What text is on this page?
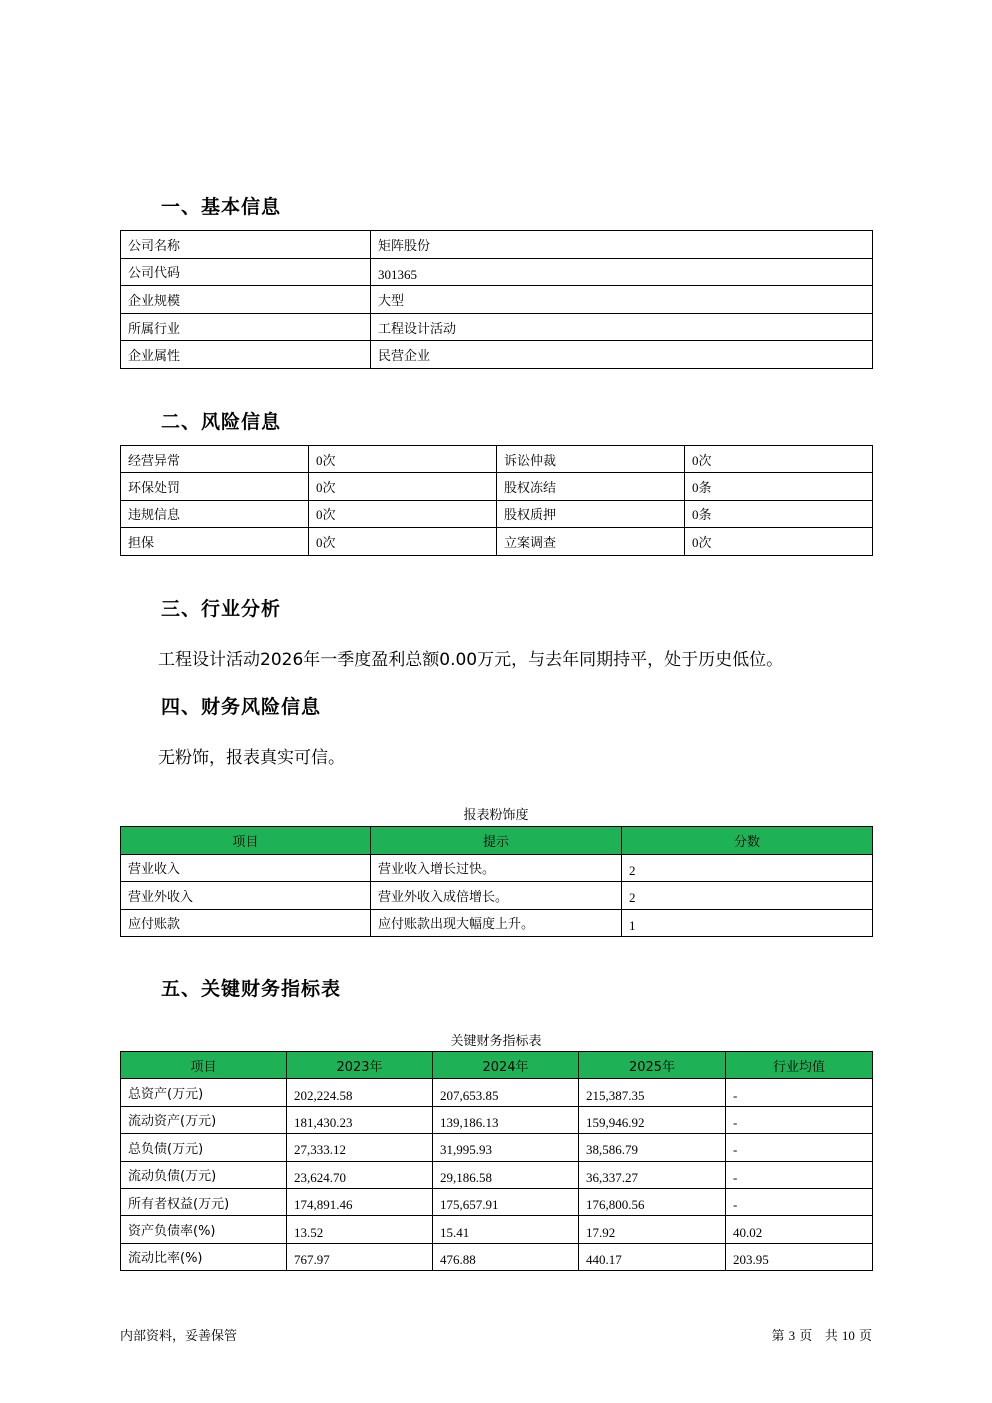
一、基本信息
公司名称	矩阵股份
公司代码	301365
企业规模	大型
所属行业	工程设计活动
企业属性	民营企业
二、风险信息
经营异常	0次	诉讼仲裁	0次
环保处罚	0次	股权冻结	0条
违规信息	0次	股权质押	0条
担保	0次	立案调查	0次
三、行业分析
工程设计活动2026年一季度盈利总额0.00万元，与去年同期持平，处于历史低位。
四、财务风险信息
无粉饰，报表真实可信。
报表粉饰度
项目	提示	分数
营业收入	营业收入增长过快。	2
营业外收入	营业外收入成倍增长。	2
应付账款	应付账款出现大幅度上升。	1
五、关键财务指标表
关键财务指标表
项目	2023年	2024年	2025年	行业均值
总资产(万元)	202,224.58	207,653.85	215,387.35	-
流动资产(万元)	181,430.23	139,186.13	159,946.92	-
总负债(万元)	27,333.12	31,995.93	38,586.79	-
流动负债(万元)	23,624.70	29,186.58	36,337.27	-
所有者权益(万元)	174,891.46	175,657.91	176,800.56	-
资产负债率(%)	13.52	15.41	17.92	40.02
流动比率(%)	767.97	476.88	440.17	203.95
内部资料，妥善保管	第 3 页 共 10 页
